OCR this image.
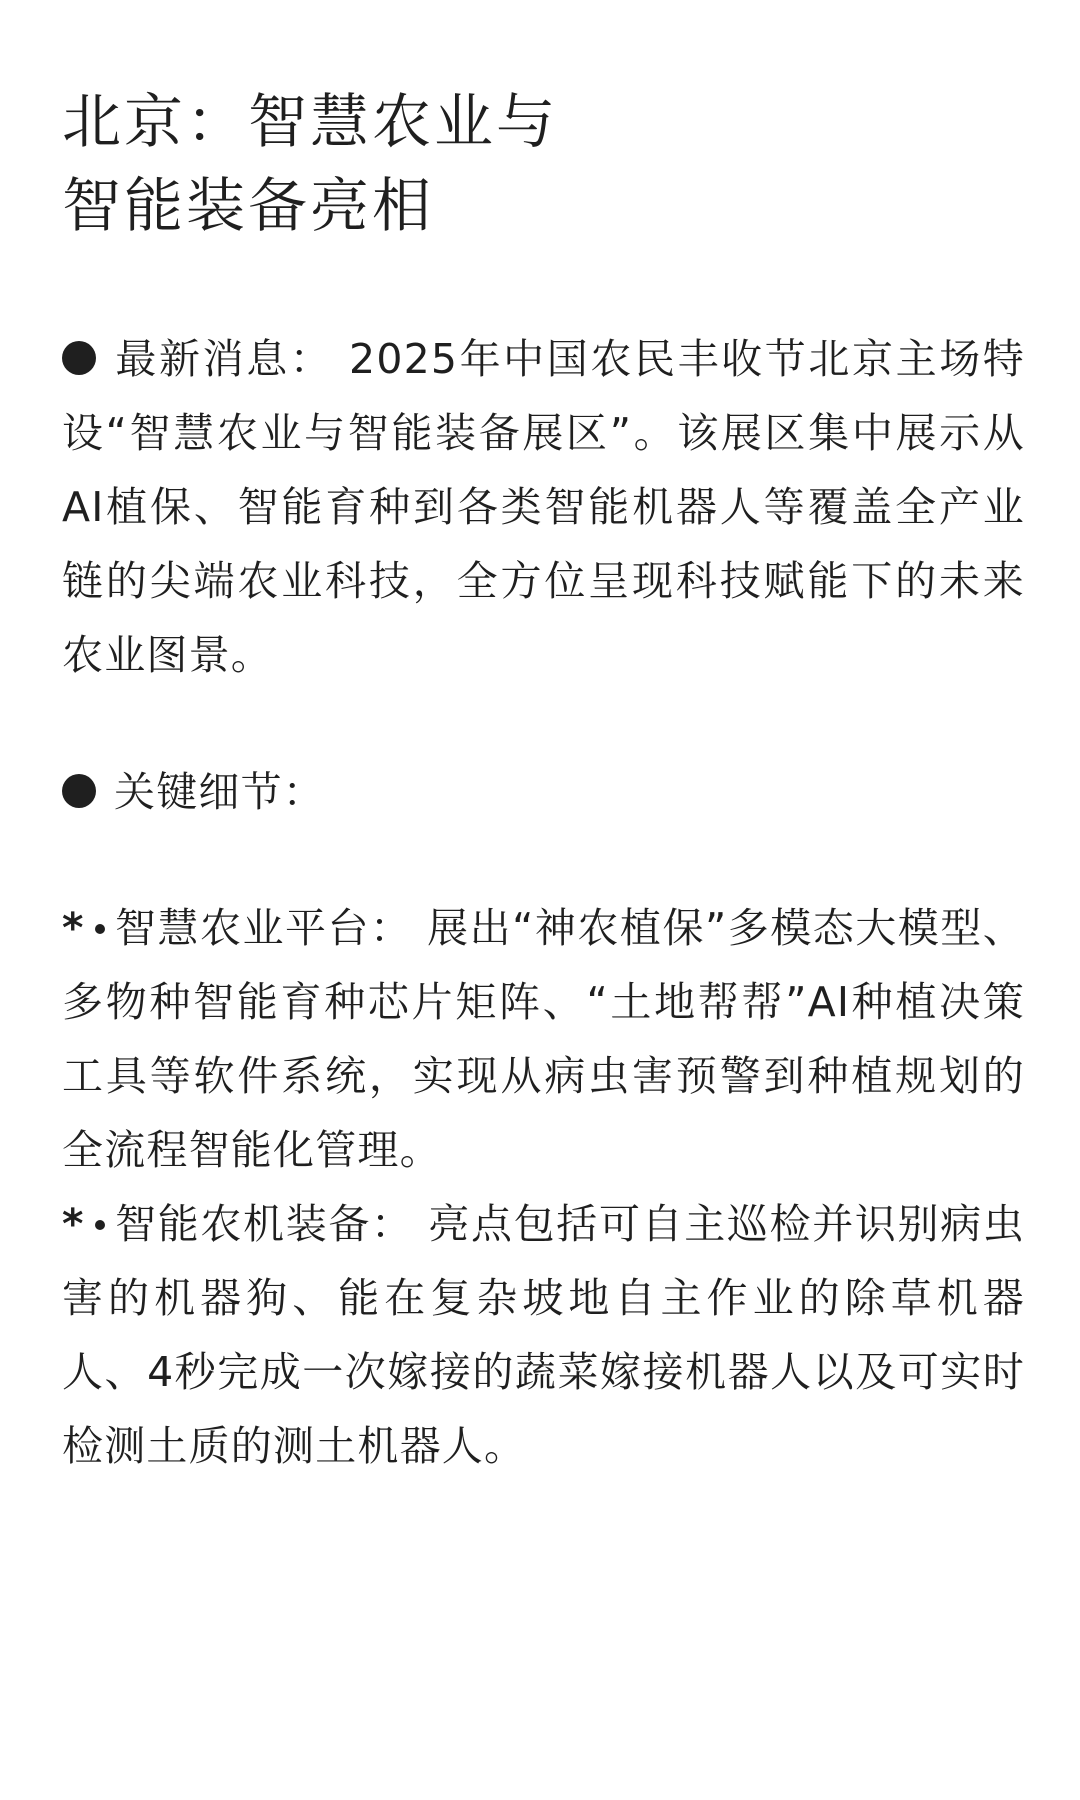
北京：智慧农业与
智能装备亮相

最新消息： 2025年中国农民丰收节北京主场特设“智慧农业与智能装备展区”。该展区集中展示从AI植保、智能育种到各类智能机器人等覆盖全产业链的尖端农业科技，全方位呈现科技赋能下的未来农业图景。

关键细节：

* 智慧农业平台： 展出“神农植保”多模态大模型、多物种智能育种芯片矩阵、“土地帮帮”AI种植决策工具等软件系统，实现从病虫害预警到种植规划的全流程智能化管理。

* 智能农机装备： 亮点包括可自主巡检并识别病虫害的机器狗、能在复杂坡地自主作业的除草机器人、4秒完成一次嫁接的蔬菜嫁接机器人以及可实时检测土质的测土机器人。
